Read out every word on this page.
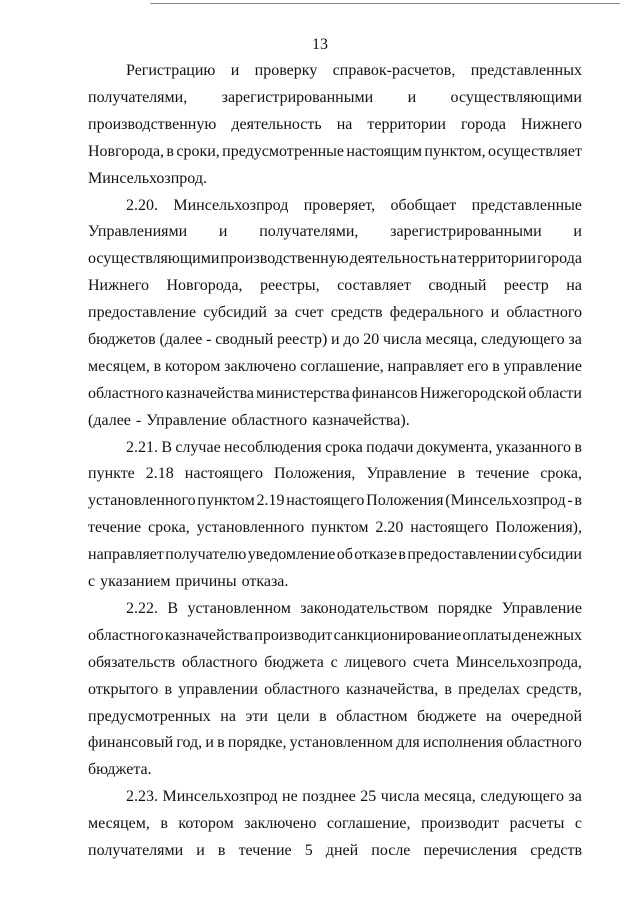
13
Регистрацию и проверку справок-расчетов, представленных
получателями, зарегистрированными и осуществляющими
производственную деятельность на территории города Нижнего
Новгорода, в сроки, предусмотренные настоящим пунктом, осуществляет
Минсельхозпрод.
2.20. Минсельхозпрод проверяет, обобщает представленные
Управлениями и получателями, зарегистрированными и
осуществляющими производственную деятельность на территории города
Нижнего Новгорода, реестры, составляет сводный реестр на
предоставление субсидий за счет средств федерального и областного
бюджетов (далее - сводный реестр) и до 20 числа месяца, следующего за
месяцем, в котором заключено соглашение, направляет его в управление
областного казначейства министерства финансов Нижегородской области
(далее - Управление областного казначейства).
2.21. В случае несоблюдения срока подачи документа, указанного в
пункте 2.18 настоящего Положения, Управление в течение срока,
установленного пунктом 2.19 настоящего Положения (Минсельхозпрод - в
течение срока, установленного пунктом 2.20 настоящего Положения),
направляет получателю уведомление об отказе в предоставлении субсидии
с указанием причины отказа.
2.22. В установленном законодательством порядке Управление
областного казначейства производит санкционирование оплаты денежных
обязательств областного бюджета с лицевого счета Минсельхозпрода,
открытого в управлении областного казначейства, в пределах средств,
предусмотренных на эти цели в областном бюджете на очередной
финансовый год, и в порядке, установленном для исполнения областного
бюджета.
2.23. Минсельхозпрод не позднее 25 числа месяца, следующего за
месяцем, в котором заключено соглашение, производит расчеты с
получателями и в течение 5 дней после перечисления средств
